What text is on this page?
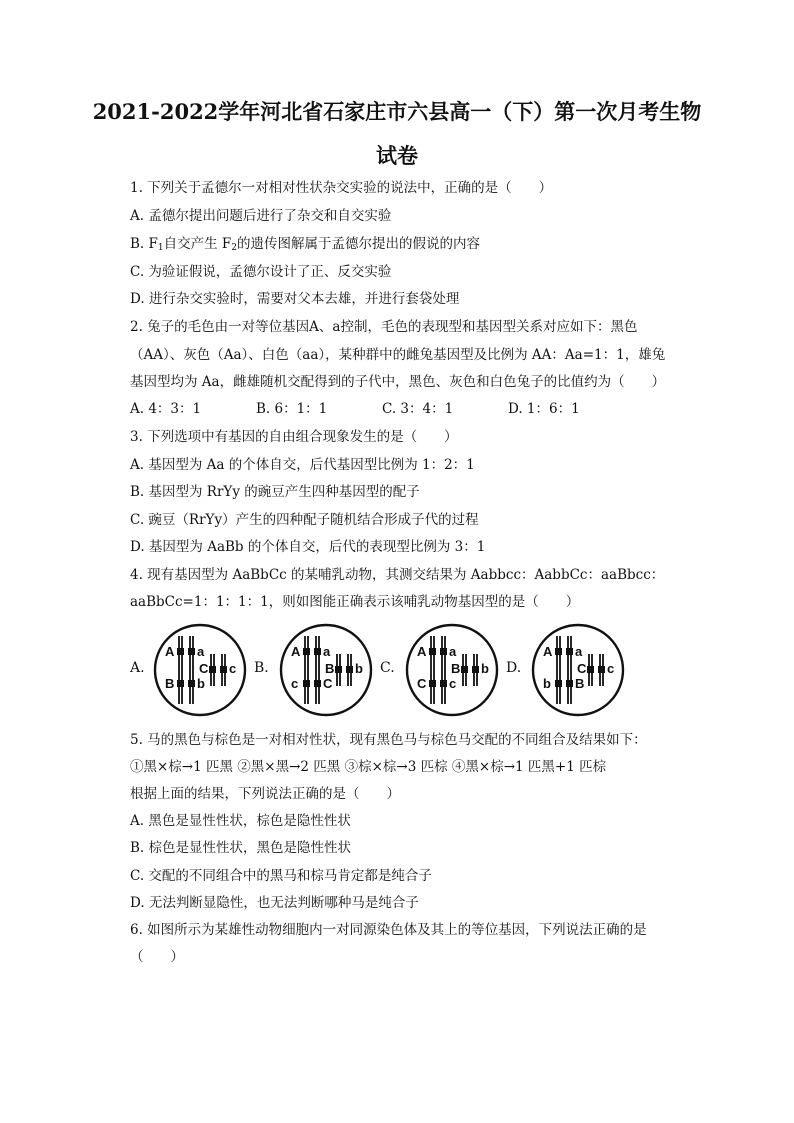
2021-2022学年河北省石家庄市六县高一（下）第一次月考生物
试卷
1. 下列关于孟德尔一对相对性状杂交实验的说法中，正确的是（　　）
A. 孟德尔提出问题后进行了杂交和自交实验
B. $F_1$自交产生 $F_2$的遗传图解属于孟德尔提出的假说的内容
C. 为验证假说，孟德尔设计了正、反交实验
D. 进行杂交实验时，需要对父本去雄，并进行套袋处理
2. 兔子的毛色由一对等位基因A、a控制，毛色的表现型和基因型关系对应如下：黑色
（AA）、灰色（Aa）、白色（aa），某种群中的雌兔基因型及比例为 AA：Aa=1：1，雄兔
基因型均为 Aa，雌雄随机交配得到的子代中，黑色、灰色和白色兔子的比值约为（　　）
A. 4：3：1	B. 6：1：1	C. 3：4：1	D. 1：6：1
3. 下列选项中有基因的自由组合现象发生的是（　　）
A. 基因型为 Aa 的个体自交，后代基因型比例为 1：2：1
B. 基因型为 RrYy 的豌豆产生四种基因型的配子
C. 豌豆（RrYy）产生的四种配子随机结合形成子代的过程
D. 基因型为 AaBb 的个体自交，后代的表现型比例为 3：1
4. 现有基因型为 AaBbCc 的某哺乳动物，其测交结果为 Aabbcc：AabbCc：aaBbcc：
aaBbCc=1：1：1：1，则如图能正确表示该哺乳动物基因型的是（　　）
A.	B.	C.	D.
A
B
a
b
C c
A
c
a
C
B b
A
C
a
c
B b
A
b
a
B
C c
5. 马的黑色与棕色是一对相对性状，现有黑色马与棕色马交配的不同组合及结果如下：
①黑×棕→1 匹黑 ②黑×黑→2 匹黑 ③棕×棕→3 匹棕 ④黑×棕→1 匹黑+1 匹棕
根据上面的结果，下列说法正确的是（　　）
A. 黑色是显性性状，棕色是隐性性状
B. 棕色是显性性状，黑色是隐性性状
C. 交配的不同组合中的黑马和棕马肯定都是纯合子
D. 无法判断显隐性，也无法判断哪种马是纯合子
6. 如图所示为某雄性动物细胞内一对同源染色体及其上的等位基因，下列说法正确的是
（　　）
